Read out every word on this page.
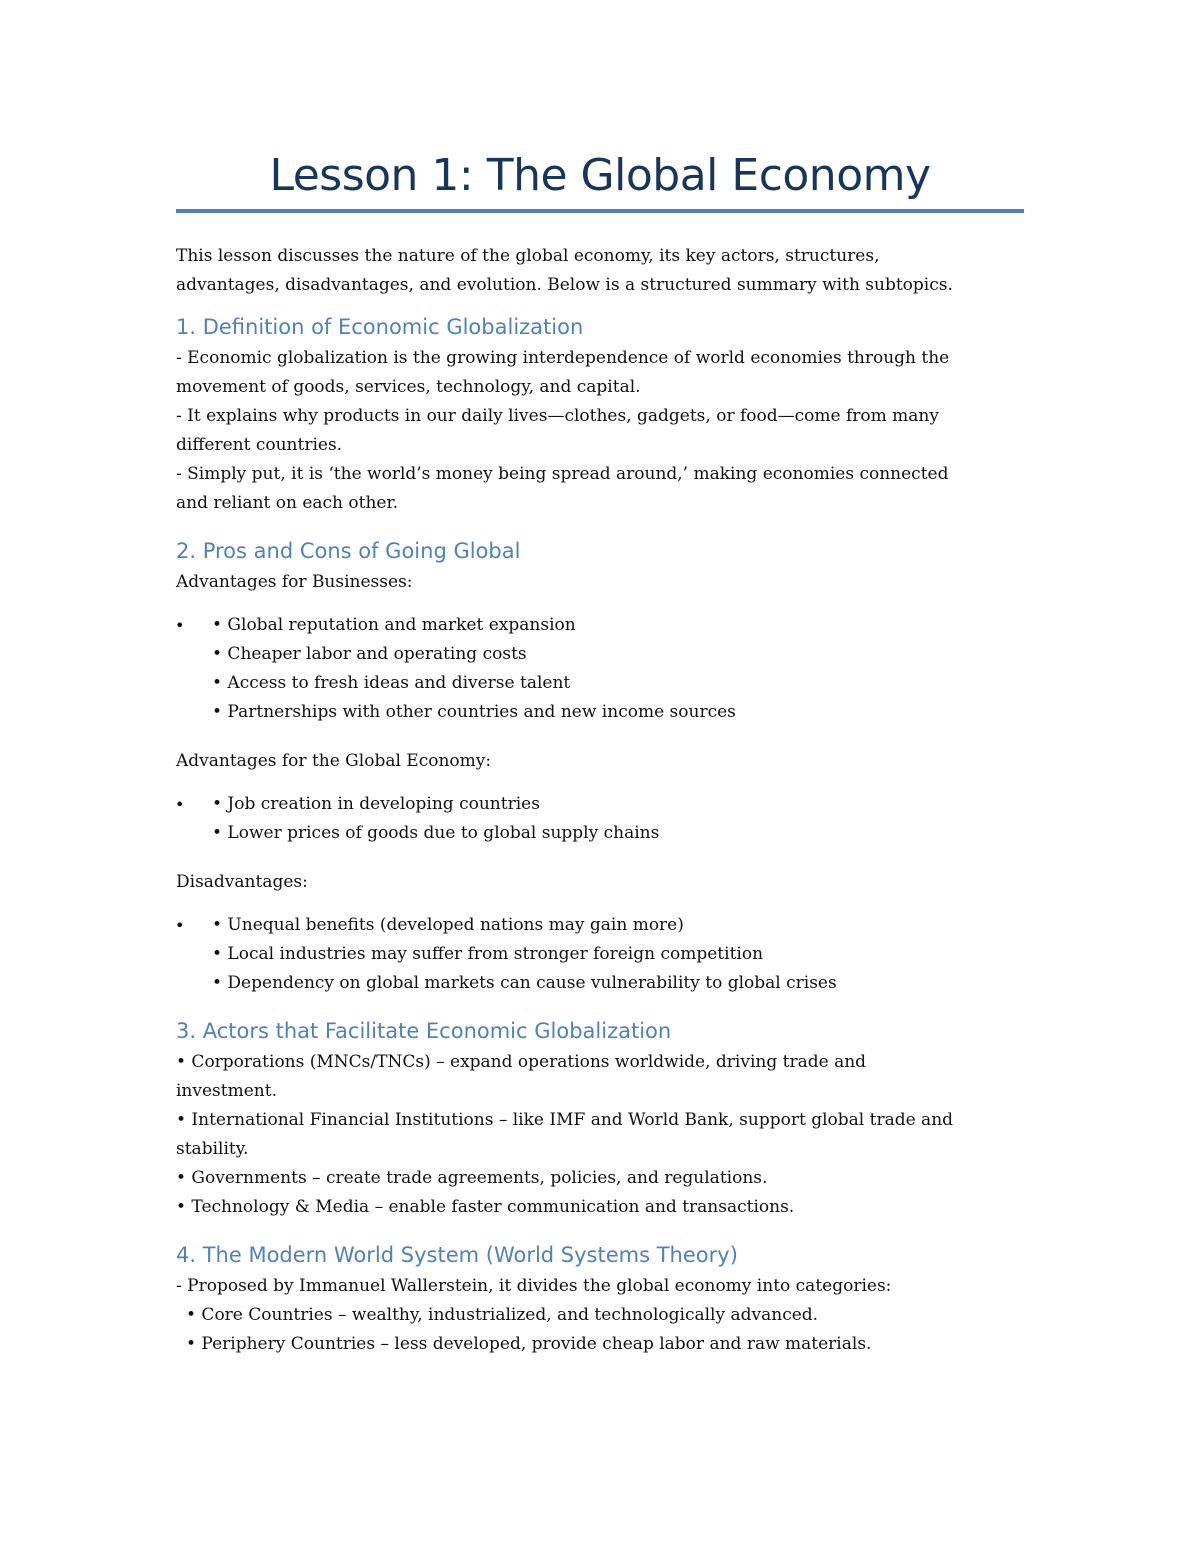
Lesson 1: The Global Economy

This lesson discusses the nature of the global economy, its key actors, structures,
advantages, disadvantages, and evolution. Below is a structured summary with subtopics.

1. Definition of Economic Globalization

- Economic globalization is the growing interdependence of world economies through the
movement of goods, services, technology, and capital.
- It explains why products in our daily lives—clothes, gadgets, or food—come from many
different countries.
- Simply put, it is ‘the world’s money being spread around,’ making economies connected
and reliant on each other.

2. Pros and Cons of Going Global

Advantages for Businesses:

• • Global reputation and market expansion
• Cheaper labor and operating costs
• Access to fresh ideas and diverse talent
• Partnerships with other countries and new income sources

Advantages for the Global Economy:

• • Job creation in developing countries
• Lower prices of goods due to global supply chains

Disadvantages:

• • Unequal benefits (developed nations may gain more)
• Local industries may suffer from stronger foreign competition
• Dependency on global markets can cause vulnerability to global crises
3. Actors that Facilitate Economic Globalization

• Corporations (MNCs/TNCs) – expand operations worldwide, driving trade and
investment.
• International Financial Institutions – like IMF and World Bank, support global trade and
stability.
• Governments – create trade agreements, policies, and regulations.
• Technology & Media – enable faster communication and transactions.

4. The Modern World System (World Systems Theory)

- Proposed by Immanuel Wallerstein, it divides the global economy into categories:
• Core Countries – wealthy, industrialized, and technologically advanced.
• Periphery Countries – less developed, provide cheap labor and raw materials.
